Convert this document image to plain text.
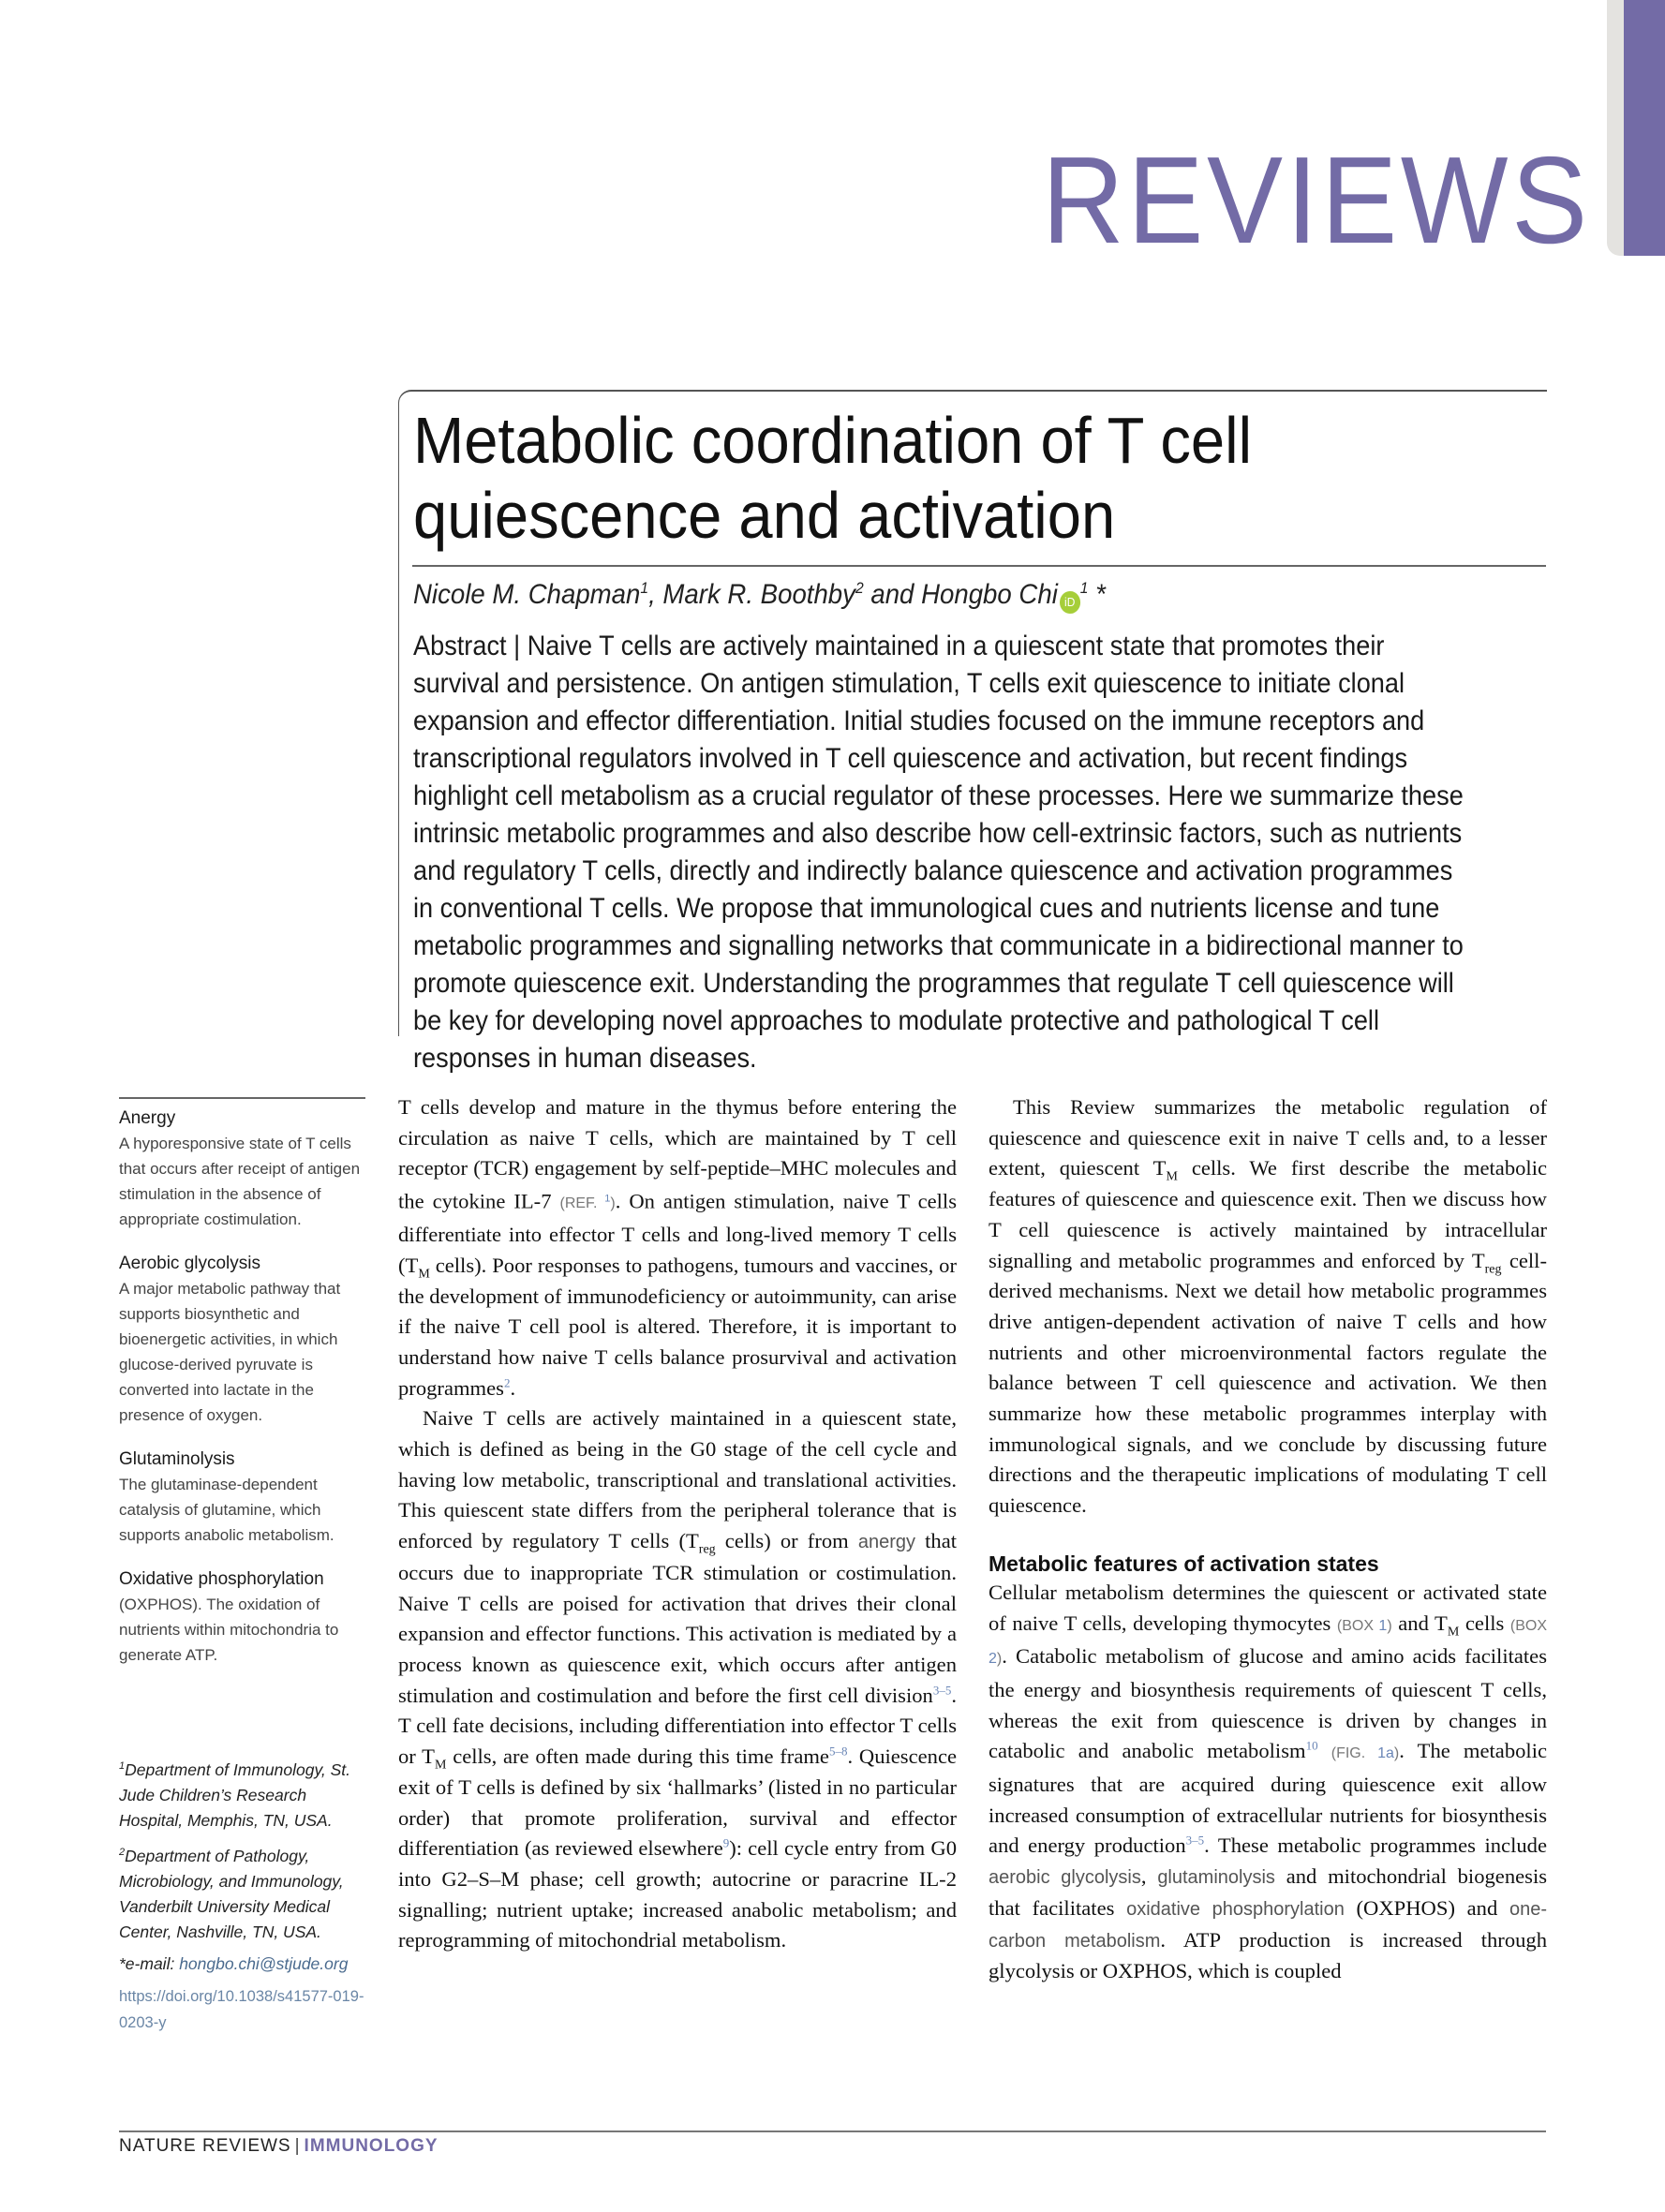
REVIEWS
Metabolic coordination of T cell quiescence and activation
Nicole M. Chapman$^1$, Mark R. Boothby$^2$ and Hongbo Chi $iD^1$ *
Abstract | Naive T cells are actively maintained in a quiescent state that promotes their survival and persistence. On antigen stimulation, T cells exit quiescence to initiate clonal expansion and effector differentiation. Initial studies focused on the immune receptors and transcriptional regulators involved in T cell quiescence and activation, but recent findings highlight cell metabolism as a crucial regulator of these processes. Here we summarize these intrinsic metabolic programmes and also describe how cell-extrinsic factors, such as nutrients and regulatory T cells, directly and indirectly balance quiescence and activation programmes in conventional T cells. We propose that immunological cues and nutrients license and tune metabolic programmes and signalling networks that communicate in a bidirectional manner to promote quiescence exit. Understanding the programmes that regulate T cell quiescence will be key for developing novel approaches to modulate protective and pathological T cell responses in human diseases.
Anergy
A hyporesponsive state of T cells that occurs after receipt of antigen stimulation in the absence of appropriate costimulation.
Aerobic glycolysis
A major metabolic pathway that supports biosynthetic and bioenergetic activities, in which glucose-derived pyruvate is converted into lactate in the presence of oxygen.
Glutaminolysis
The glutaminase-dependent catalysis of glutamine, which supports anabolic metabolism.
Oxidative phosphorylation
(OXPHOS). The oxidation of nutrients within mitochondria to generate ATP.

$^1$Department of Immunology, St. Jude Children’s Research Hospital, Memphis, TN, USA.

$^2$Department of Pathology, Microbiology, and Immunology, Vanderbilt University Medical Center, Nashville, TN, USA.

*e-mail: hongbo.chi@stjude.org

https://doi.org/10.1038/s41577-019-0203-y

T cells develop and mature in the thymus before entering the circulation as naive T cells, which are maintained by T cell receptor (TCR) engagement by self-peptide–MHC molecules and the cytokine IL-7 (REF. $^1$). On antigen stimulation, naive T cells differentiate into effector T cells and long-lived memory T cells ($T_M$ cells). Poor responses to pathogens, tumours and vaccines, or the development of immunodeficiency or autoimmunity, can arise if the naive T cell pool is altered. Therefore, it is important to understand how naive T cells balance prosurvival and activation programmes$^2$.

Naive T cells are actively maintained in a quiescent state, which is defined as being in the G0 stage of the cell cycle and having low metabolic, transcriptional and translational activities. This quiescent state differs from the peripheral tolerance that is enforced by regulatory T cells ($T_{reg}$ cells) or from anergy that occurs due to inappropriate TCR stimulation or costimulation. Naive T cells are poised for activation that drives their clonal expansion and effector functions. This activation is mediated by a process known as quiescence exit, which occurs after antigen stimulation and costimulation and before the first cell division$^{3-5}$. T cell fate decisions, including differentiation into effector T cells or $T_M$ cells, are often made during this time frame$^{5-8}$. Quiescence exit of T cells is defined by six ‘hallmarks’ (listed in no particular order) that promote proliferation, survival and effector differentiation (as reviewed elsewhere$^9$): cell cycle entry from G0 into G2–S–M phase; cell growth; autocrine or paracrine IL-2 signalling; nutrient uptake; increased anabolic metabolism; and reprogramming of mitochondrial metabolism.

This Review summarizes the metabolic regulation of quiescence and quiescence exit in naive T cells and, to a lesser extent, quiescent $T_M$ cells. We first describe the metabolic features of quiescence and quiescence exit. Then we discuss how T cell quiescence is actively maintained by intracellular signalling and metabolic programmes and enforced by $T_{reg}$ cell-derived mechanisms. Next we detail how metabolic programmes drive antigen-dependent activation of naive T cells and how nutrients and other microenvironmental factors regulate the balance between T cell quiescence and activation. We then summarize how these metabolic programmes interplay with immunological signals, and we conclude by discussing future directions and the therapeutic implications of modulating T cell quiescence.

Metabolic features of activation states

Cellular metabolism determines the quiescent or activated state of naive T cells, developing thymocytes (BOX 1) and $T_M$ cells (BOX 2). Catabolic metabolism of glucose and amino acids facilitates the energy and biosynthesis requirements of quiescent T cells, whereas the exit from quiescence is driven by changes in catabolic and anabolic metabolism$^{10}$ (FIG. 1a). The metabolic signatures that are acquired during quiescence exit allow increased consumption of extracellular nutrients for biosynthesis and energy production$^{3-5}$. These metabolic programmes include aerobic glycolysis, glutaminolysis and mitochondrial biogenesis that facilitates oxidative phosphorylation (OXPHOS) and one-carbon metabolism. ATP production is increased through glycolysis or OXPHOS, which is coupled

NATURE REVIEWS | IMMUNOLOGY
